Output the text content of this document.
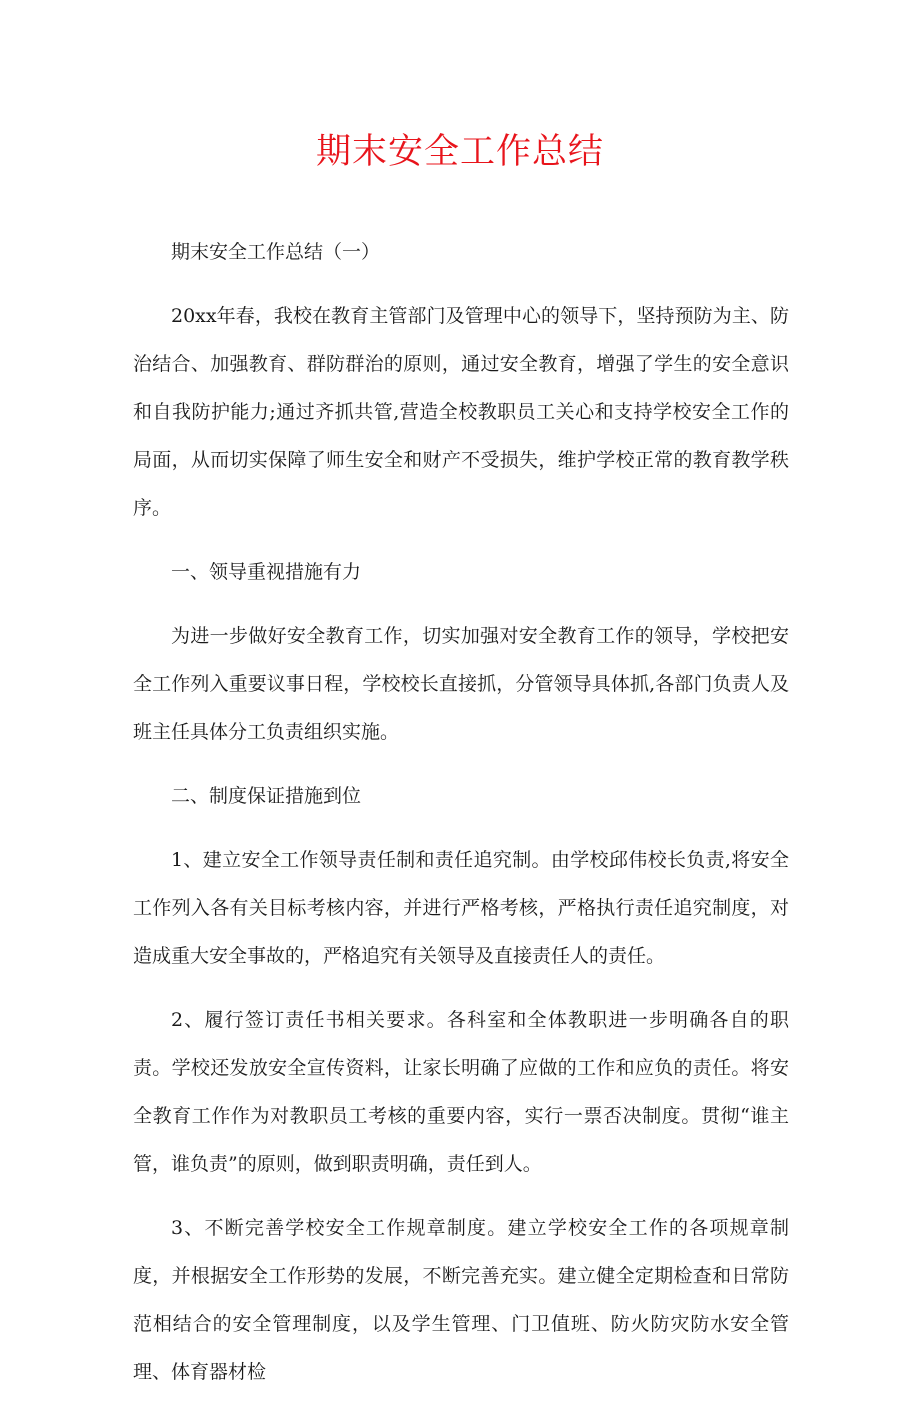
期末安全工作总结

期末安全工作总结（一）

20xx年春，我校在教育主管部门及管理中心的领导下，坚持预防为主、防治结合、加强教育、群防群治的原则，通过安全教育，增强了学生的安全意识和自我防护能力;通过齐抓共管,营造全校教职员工关心和支持学校安全工作的局面，从而切实保障了师生安全和财产不受损失，维护学校正常的教育教学秩序。

一、领导重视措施有力

为进一步做好安全教育工作，切实加强对安全教育工作的领导，学校把安全工作列入重要议事日程，学校校长直接抓，分管领导具体抓,各部门负责人及班主任具体分工负责组织实施。

二、制度保证措施到位

1、建立安全工作领导责任制和责任追究制。由学校邱伟校长负责,将安全工作列入各有关目标考核内容，并进行严格考核，严格执行责任追究制度，对造成重大安全事故的，严格追究有关领导及直接责任人的责任。

2、履行签订责任书相关要求。各科室和全体教职进一步明确各自的职责。学校还发放安全宣传资料，让家长明确了应做的工作和应负的责任。将安全教育工作作为对教职员工考核的重要内容，实行一票否决制度。贯彻“谁主管，谁负责”的原则，做到职责明确，责任到人。

3、不断完善学校安全工作规章制度。建立学校安全工作的各项规章制度，并根据安全工作形势的发展，不断完善充实。建立健全定期检查和日常防范相结合的安全管理制度，以及学生管理、门卫值班、防火防灾防水安全管理、体育器材检
